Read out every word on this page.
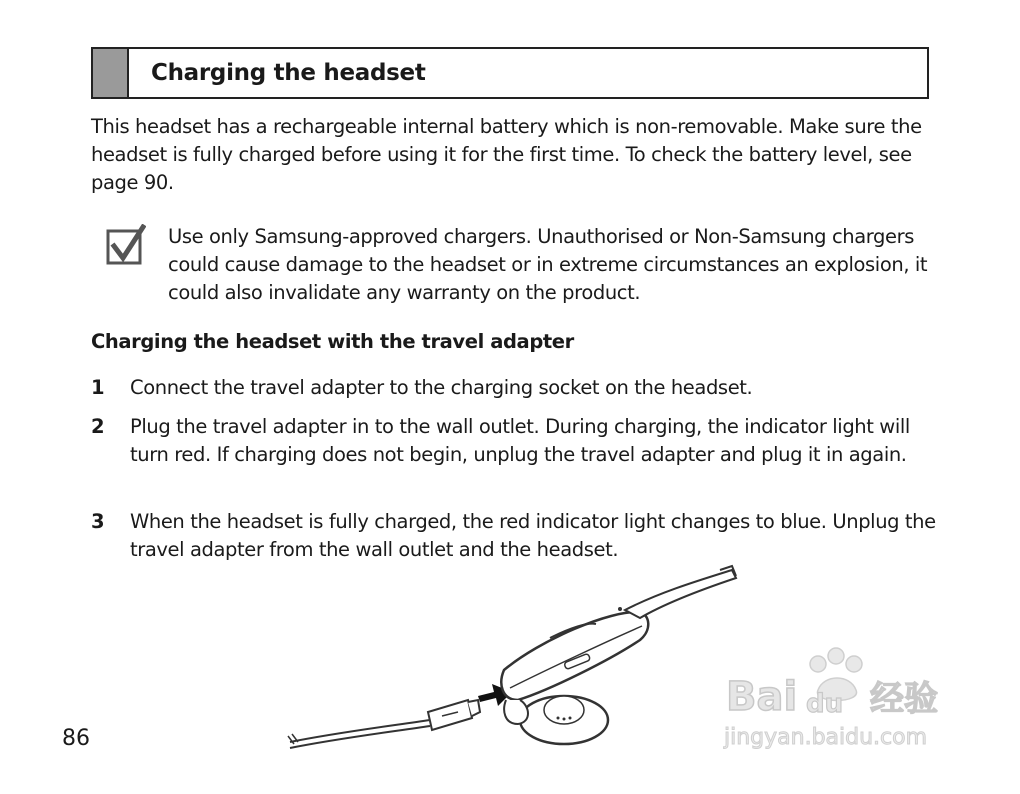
Charging the headset
This headset has a rechargeable internal battery which is non-removable. Make sure the headset is fully charged before using it for the first time. To check the battery level, see page 90.
Use only Samsung-approved chargers. Unauthorised or Non-Samsung chargers could cause damage to the headset or in extreme circumstances an explosion, it could also invalidate any warranty on the product.
Charging the headset with the travel adapter
1 Connect the travel adapter to the charging socket on the headset.
2 Plug the travel adapter in to the wall outlet. During charging, the indicator light will turn red. If charging does not begin, unplug the travel adapter and plug it in again.
3 When the headset is fully charged, the red indicator light changes to blue. Unplug the travel adapter from the wall outlet and the headset.
86
Bai du 经验
jingyan.baidu.com
